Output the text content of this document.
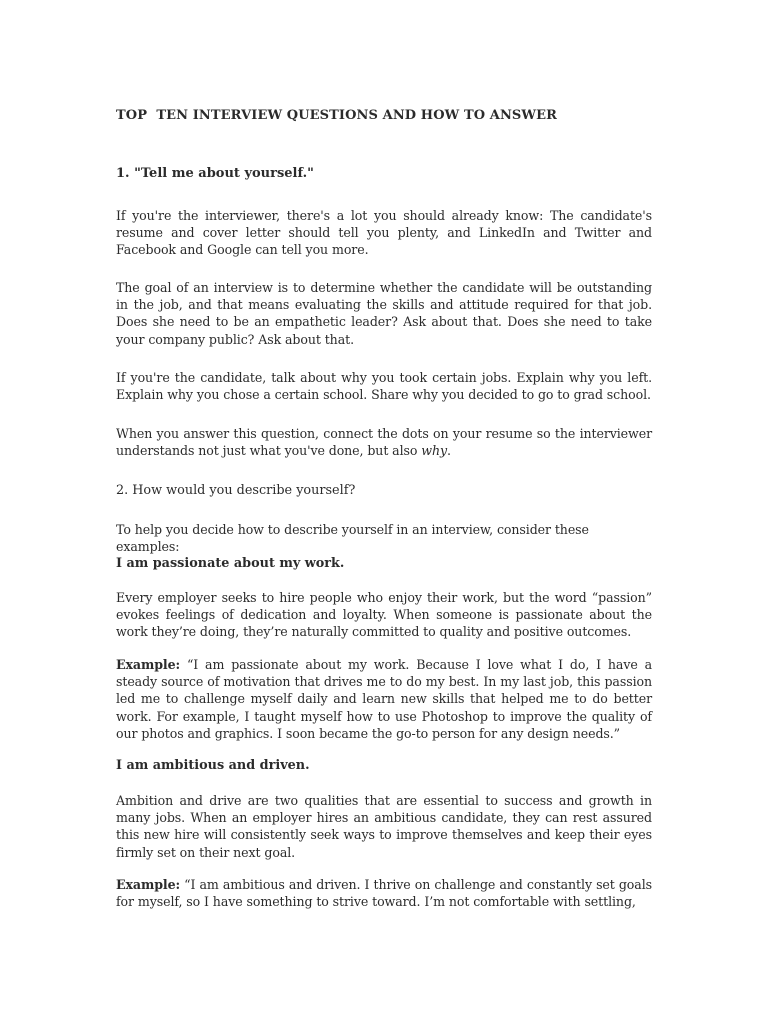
TOP  TEN INTERVIEW QUESTIONS AND HOW TO ANSWER

1. "Tell me about yourself."

If you're the interviewer, there's a lot you should already know: The candidate's resume and cover letter should tell you plenty, and LinkedIn and Twitter and Facebook and Google can tell you more.

The goal of an interview is to determine whether the candidate will be outstanding in the job, and that means evaluating the skills and attitude required for that job. Does she need to be an empathetic leader? Ask about that. Does she need to take your company public? Ask about that.

If you're the candidate, talk about why you took certain jobs. Explain why you left. Explain why you chose a certain school. Share why you decided to go to grad school.

When you answer this question, connect the dots on your resume so the interviewer understands not just what you've done, but also why.

2. How would you describe yourself?

To help you decide how to describe yourself in an interview, consider these examples:

I am passionate about my work.

Every employer seeks to hire people who enjoy their work, but the word “passion” evokes feelings of dedication and loyalty. When someone is passionate about the work they’re doing, they’re naturally committed to quality and positive outcomes.

Example: “I am passionate about my work. Because I love what I do, I have a steady source of motivation that drives me to do my best. In my last job, this passion led me to challenge myself daily and learn new skills that helped me to do better work. For example, I taught myself how to use Photoshop to improve the quality of our photos and graphics. I soon became the go-to person for any design needs.”

I am ambitious and driven.

Ambition and drive are two qualities that are essential to success and growth in many jobs. When an employer hires an ambitious candidate, they can rest assured this new hire will consistently seek ways to improve themselves and keep their eyes firmly set on their next goal.

Example: “I am ambitious and driven. I thrive on challenge and constantly set goals for myself, so I have something to strive toward. I’m not comfortable with settling,
